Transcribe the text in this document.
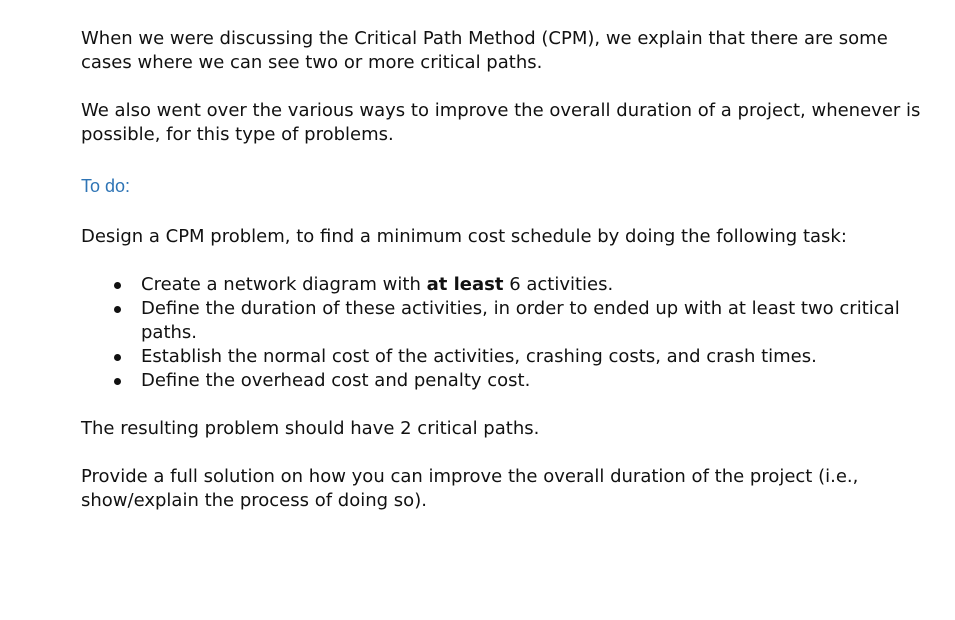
When we were discussing the Critical Path Method (CPM), we explain that there are some cases where we can see two or more critical paths.

We also went over the various ways to improve the overall duration of a project, whenever is possible, for this type of problems.

To do:

Design a CPM problem, to find a minimum cost schedule by doing the following task:

Create a network diagram with at least 6 activities.
Define the duration of these activities, in order to ended up with at least two critical paths.
Establish the normal cost of the activities, crashing costs, and crash times.
Define the overhead cost and penalty cost.

The resulting problem should have 2 critical paths.

Provide a full solution on how you can improve the overall duration of the project (i.e., show/explain the process of doing so).
